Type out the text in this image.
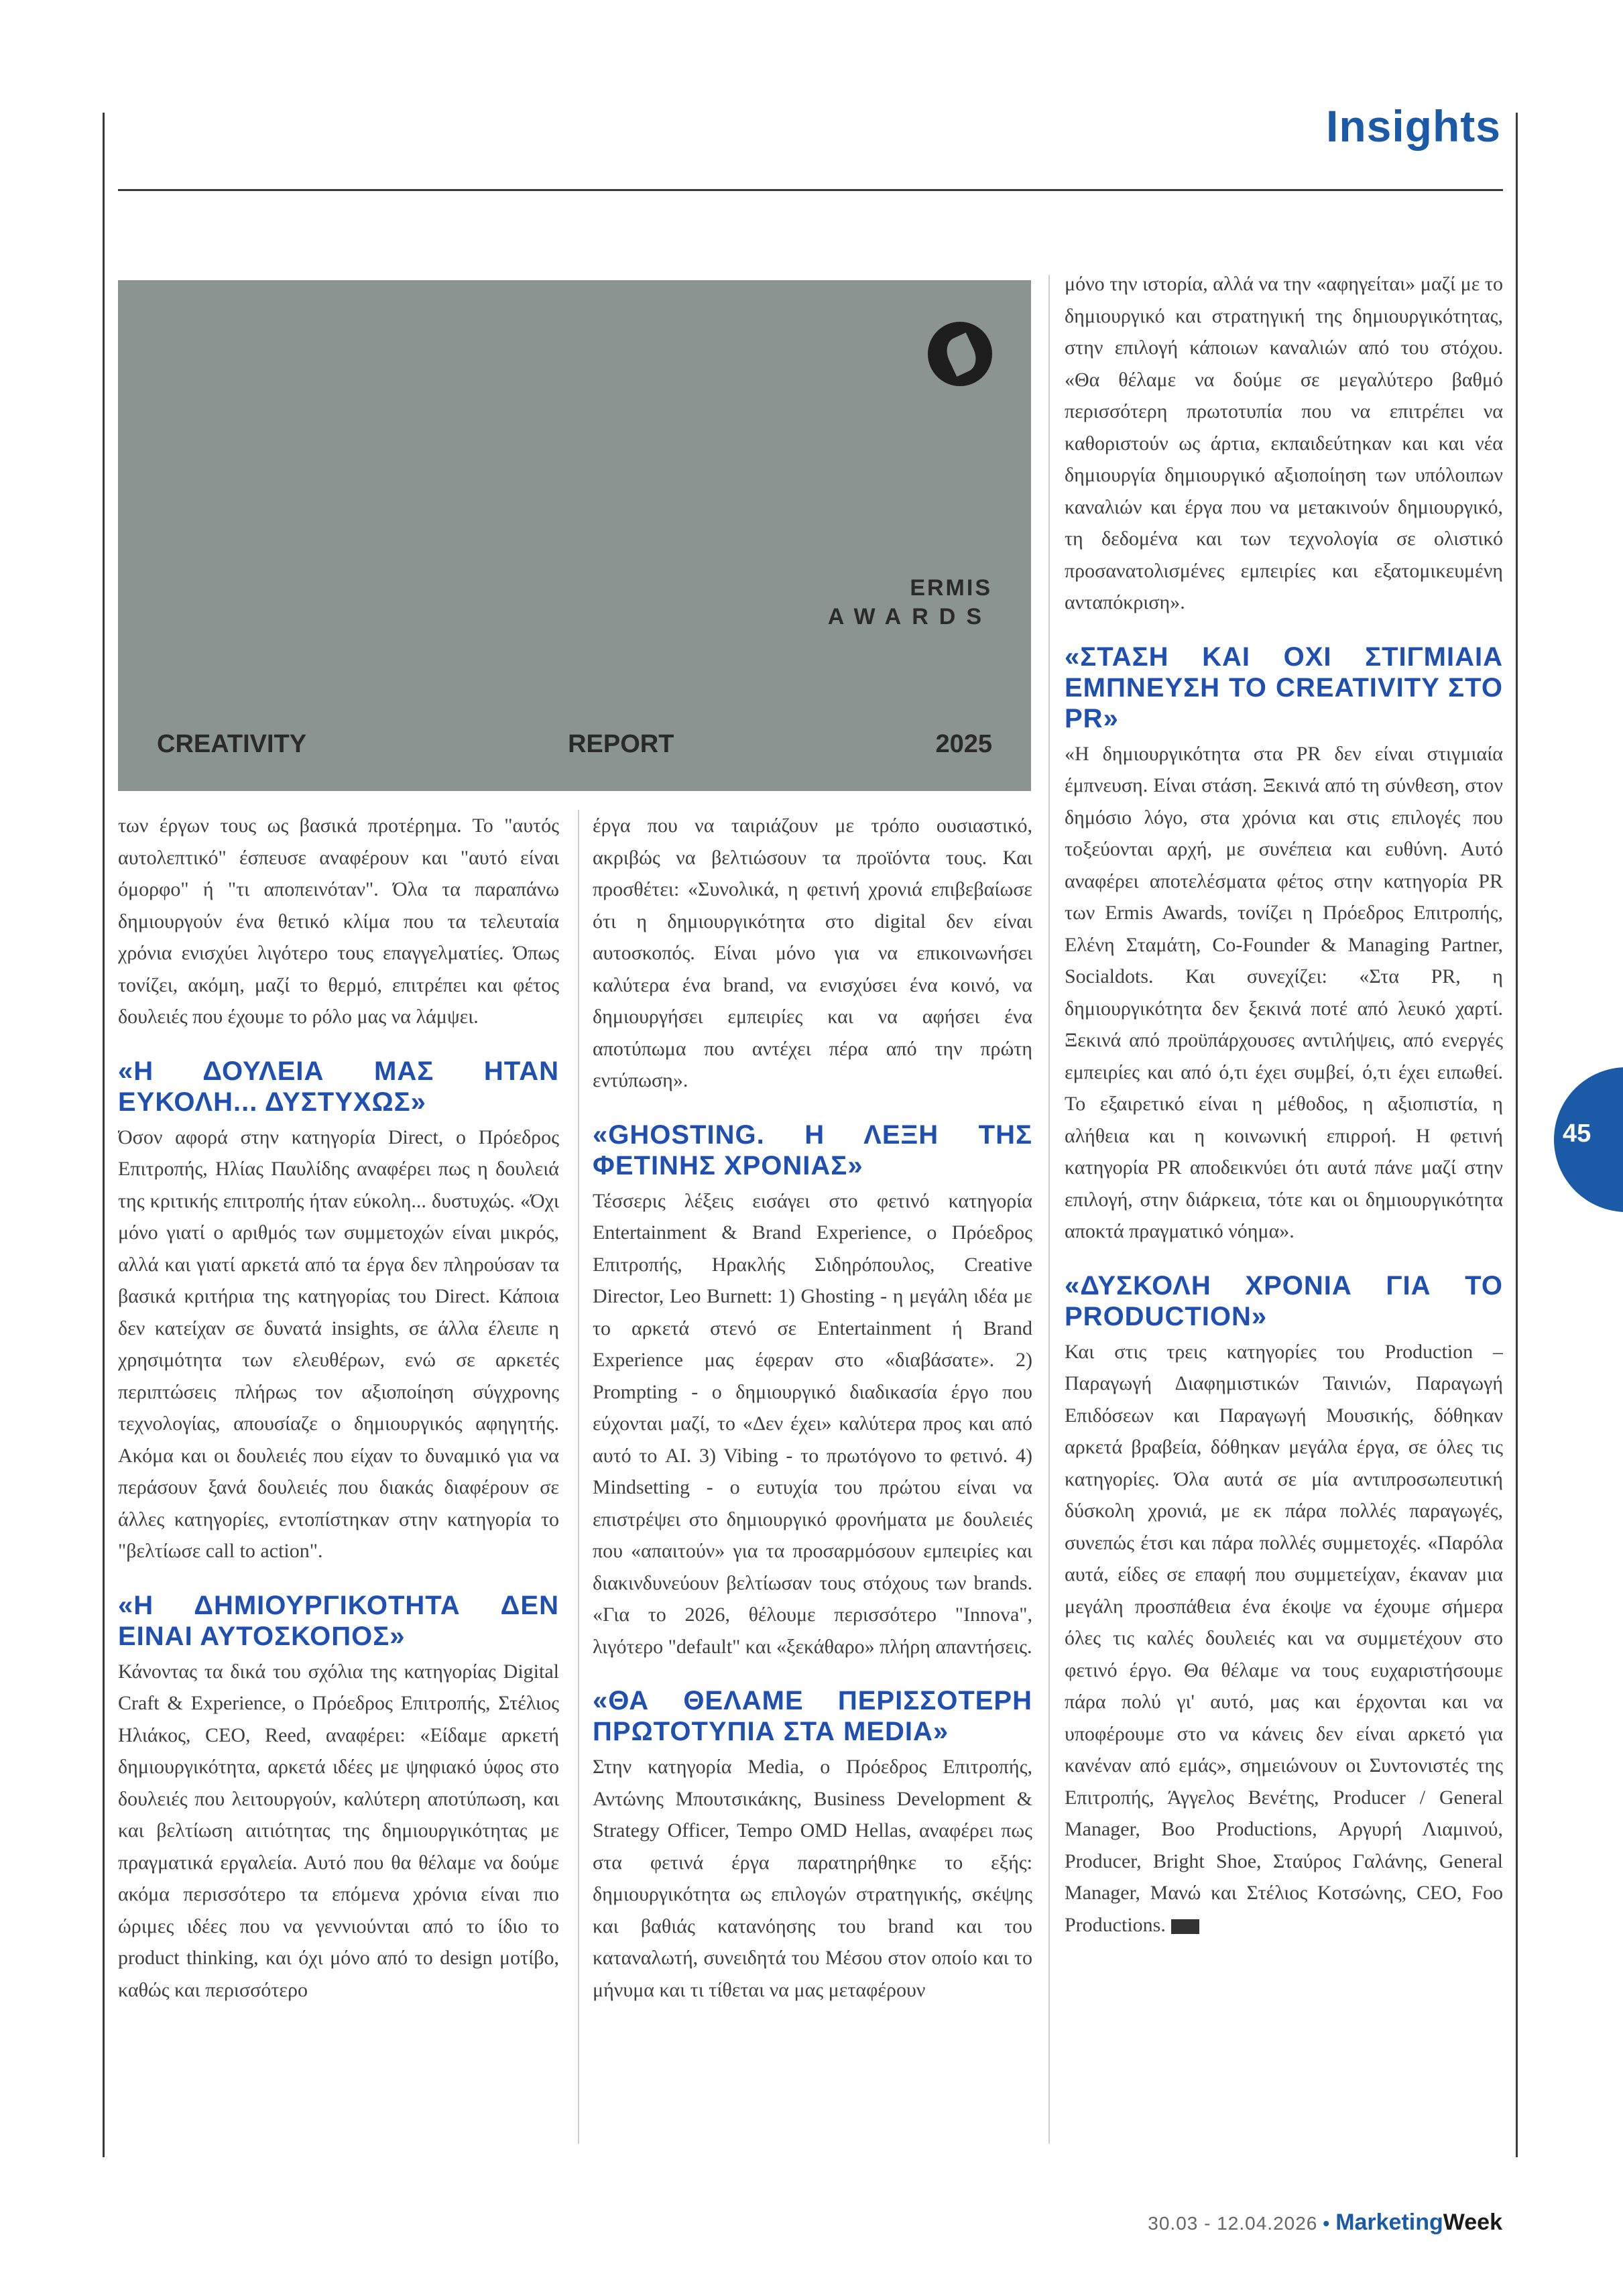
Insights
ERMIS
AWARDS
CREATIVITY	REPORT	2025

των έργων τους ως βασικά προτέρημα. Το "αυτός αυτολεπτικό" έσπευσε αναφέρουν και "αυτό είναι όμορφο" ή "τι αποπεινόταν". Όλα τα παραπάνω δημιουργούν ένα θετικό κλίμα που τα τελευταία χρόνια ενισχύει λιγότερο τους επαγγελματίες. Όπως τονίζει, ακόμη, μαζί το θερμό, επιτρέπει και φέτος δουλειές που έχουμε το ρόλο μας να λάμψει.

«Η ΔΟΥΛΕΙΑ ΜΑΣ ΗΤΑΝ ΕΥΚΟΛΗ... ΔΥΣΤΥΧΩΣ»

Όσον αφορά στην κατηγορία Direct, ο Πρόεδρος Επιτροπής, Ηλίας Παυλίδης αναφέρει πως η δουλειά της κριτικής επιτροπής ήταν εύκολη... δυστυχώς. «Όχι μόνο γιατί ο αριθμός των συμμετοχών είναι μικρός, αλλά και γιατί αρκετά από τα έργα δεν πληρούσαν τα βασικά κριτήρια της κατηγορίας του Direct. Κάποια δεν κατείχαν σε δυνατά insights, σε άλλα έλειπε η χρησιμότητα των ελευθέρων, ενώ σε αρκετές περιπτώσεις πλήρως τον αξιοποίηση σύγχρονης τεχνολογίας, απουσίαζε ο δημιουργικός αφηγητής. Ακόμα και οι δουλειές που είχαν το δυναμικό για να περάσουν ξανά δουλειές που διακάς διαφέρουν σε άλλες κατηγορίες, εντοπίστηκαν στην κατηγορία το "βελτίωσε call to action".

«Η ΔΗΜΙΟΥΡΓΙΚΟΤΗΤΑ ΔΕΝ ΕΙΝΑΙ ΑΥΤΟΣΚΟΠΟΣ»

Κάνοντας τα δικά του σχόλια της κατηγορίας Digital Craft & Experience, ο Πρόεδρος Επιτροπής, Στέλιος Ηλιάκος, CEO, Reed, αναφέρει: «Είδαμε αρκετή δημιουργικότητα, αρκετά ιδέες με ψηφιακό ύφος στο δουλειές που λειτουργούν, καλύτερη αποτύπωση, και και βελτίωση αιτιότητας της δημιουργικότητας με πραγματικά εργαλεία. Αυτό που θα θέλαμε να δούμε ακόμα περισσότερο τα επόμενα χρόνια είναι πιο ώριμες ιδέες που να γεννιούνται από το ίδιο το product thinking, και όχι μόνο από το design μοτίβο, καθώς και περισσότερο

έργα που να ταιριάζουν με τρόπο ουσιαστικό, ακριβώς να βελτιώσουν τα προϊόντα τους. Και προσθέτει: «Συνολικά, η φετινή χρονιά επιβεβαίωσε ότι η δημιουργικότητα στο digital δεν είναι αυτοσκοπός. Είναι μόνο για να επικοινωνήσει καλύτερα ένα brand, να ενισχύσει ένα κοινό, να δημιουργήσει εμπειρίες και να αφήσει ένα αποτύπωμα που αντέχει πέρα από την πρώτη εντύπωση».

«GHOSTING. Η ΛΕΞΗ ΤΗΣ ΦΕΤΙΝΗΣ ΧΡΟΝΙΑΣ»

Τέσσερις λέξεις εισάγει στο φετινό κατηγορία Entertainment & Brand Experience, ο Πρόεδρος Επιτροπής, Ηρακλής Σιδηρόπουλος, Creative Director, Leo Burnett: 1) Ghosting - η μεγάλη ιδέα με το αρκετά στενό σε Entertainment ή Brand Experience μας έφεραν στο «διαβάσατε». 2) Prompting - ο δημιουργικό διαδικασία έργο που εύχονται μαζί, το «Δεν έχει» καλύτερα προς και από αυτό το AI. 3) Vibing - το πρωτόγονο το φετινό. 4) Mindsetting - ο ευτυχία του πρώτου είναι να επιστρέψει στο δημιουργικό φρονήματα με δουλειές που «απαιτούν» για τα προσαρμόσουν εμπειρίες και διακινδυνεύουν βελτίωσαν τους στόχους των brands. «Για το 2026, θέλουμε περισσότερο "Ιnnova", λιγότερο "default" και «ξεκάθαρο» πλήρη απαντήσεις.

«ΘΑ ΘΕΛΑΜΕ ΠΕΡΙΣΣΟΤΕΡΗ ΠΡΩΤΟΤΥΠΙΑ ΣΤΑ MEDIA»

Στην κατηγορία Media, ο Πρόεδρος Επιτροπής, Αντώνης Μπουτσικάκης, Business Development & Strategy Officer, Tempo OMD Hellas, αναφέρει πως στα φετινά έργα παρατηρήθηκε το εξής: δημιουργικότητα ως επιλογών στρατηγικής, σκέψης και βαθιάς κατανόησης του brand και του καταναλωτή, συνειδητά του Μέσου στον οποίο και το μήνυμα και τι τίθεται να μας μεταφέρουν

μόνο την ιστορία, αλλά να την «αφηγείται» μαζί με το δημιουργικό και στρατηγική της δημιουργικότητας, στην επιλογή κάποιων καναλιών από του στόχου. «Θα θέλαμε να δούμε σε μεγαλύτερο βαθμό περισσότερη πρωτοτυπία που να επιτρέπει να καθοριστούν ως άρτια, εκπαιδεύτηκαν και και νέα δημιουργία δημιουργικό αξιοποίηση των υπόλοιπων καναλιών και έργα που να μετακινούν δημιουργικό, τη δεδομένα και των τεχνολογία σε ολιστικό προσανατολισμένες εμπειρίες και εξατομικευμένη ανταπόκριση».

«ΣΤΑΣΗ ΚΑΙ ΟΧΙ ΣΤΙΓΜΙΑΙΑ ΕΜΠΝΕΥΣΗ ΤΟ CREATIVITY ΣΤΟ PR»

«Η δημιουργικότητα στα PR δεν είναι στιγμιαία έμπνευση. Είναι στάση. Ξεκινά από τη σύνθεση, στον δημόσιο λόγο, στα χρόνια και στις επιλογές που τοξεύονται αρχή, με συνέπεια και ευθύνη. Αυτό αναφέρει αποτελέσματα φέτος στην κατηγορία PR των Ermis Awards, τονίζει η Πρόεδρος Επιτροπής, Ελένη Σταμάτη, Co-Founder & Managing Partner, Socialdots. Και συνεχίζει: «Στα PR, η δημιουργικότητα δεν ξεκινά ποτέ από λευκό χαρτί. Ξεκινά από προϋπάρχουσες αντιλήψεις, από ενεργές εμπειρίες και από ό,τι έχει συμβεί, ό,τι έχει ειπωθεί. Το εξαιρετικό είναι η μέθοδος, η αξιοπιστία, η αλήθεια και η κοινωνική επιρροή. Η φετινή κατηγορία PR αποδεικνύει ότι αυτά πάνε μαζί στην επιλογή, στην διάρκεια, τότε και οι δημιουργικότητα αποκτά πραγματικό νόημα».

«ΔΥΣΚΟΛΗ ΧΡΟΝΙΑ ΓΙΑ ΤΟ PRODUCTION»

Και στις τρεις κατηγορίες του Production – Παραγωγή Διαφημιστικών Ταινιών, Παραγωγή Επιδόσεων και Παραγωγή Μουσικής, δόθηκαν αρκετά βραβεία, δόθηκαν μεγάλα έργα, σε όλες τις κατηγορίες. Όλα αυτά σε μία αντιπροσωπευτική δύσκολη χρονιά, με εκ πάρα πολλές παραγωγές, συνεπώς έτσι και πάρα πολλές συμμετοχές. «Παρόλα αυτά, είδες σε επαφή που συμμετείχαν, έκαναν μια μεγάλη προσπάθεια ένα έκοψε να έχουμε σήμερα όλες τις καλές δουλειές και να συμμετέχουν στο φετινό έργο. Θα θέλαμε να τους ευχαριστήσουμε πάρα πολύ γι' αυτό, μας και έρχονται και να υποφέρουμε στο να κάνεις δεν είναι αρκετό για κανέναν από εμάς», σημειώνουν οι Συντονιστές της Επιτροπής, Άγγελος Βενέτης, Producer / General Manager, Boo Productions, Αργυρή Λιαμινού, Producer, Bright Shoe, Σταύρος Γαλάνης, General Manager, Μανώ και Στέλιος Κοτσώνης, CEO, Foo Productions.

45
30.03 - 12.04.2026 • MarketingWeek
